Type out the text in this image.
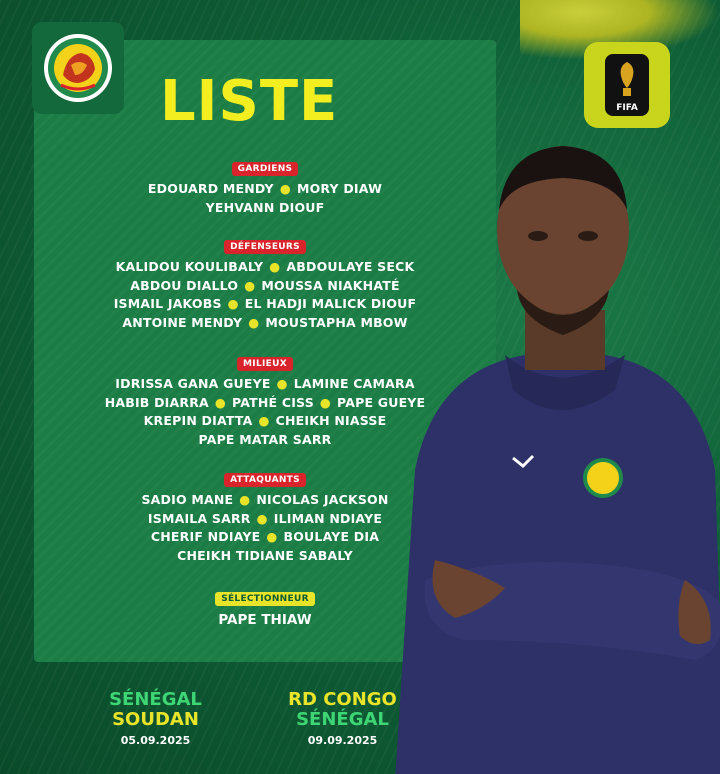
FIFA
LISTE
GARDIENS
EDOUARD MENDY ● MORY DIAW
YEHVANN DIOUF
DÉFENSEURS
KALIDOU KOULIBALY ● ABDOULAYE SECK
ABDOU DIALLO ● MOUSSA NIAKHATÉ
ISMAIL JAKOBS ● EL HADJI MALICK DIOUF
ANTOINE MENDY ● MOUSTAPHA MBOW
MILIEUX
IDRISSA GANA GUEYE ● LAMINE CAMARA
HABIB DIARRA ● PATHÉ CISS ● PAPE GUEYE
KREPIN DIATTA ● CHEIKH NIASSE
PAPE MATAR SARR
ATTAQUANTS
SADIO MANE ● NICOLAS JACKSON
ISMAILA SARR ● ILIMAN NDIAYE
CHERIF NDIAYE ● BOULAYE DIA
CHEIKH TIDIANE SABALY
SÉLECTIONNEUR
PAPE THIAW
SÉNÉGAL
SOUDAN
05.09.2025
RD CONGO
SÉNÉGAL
09.09.2025
